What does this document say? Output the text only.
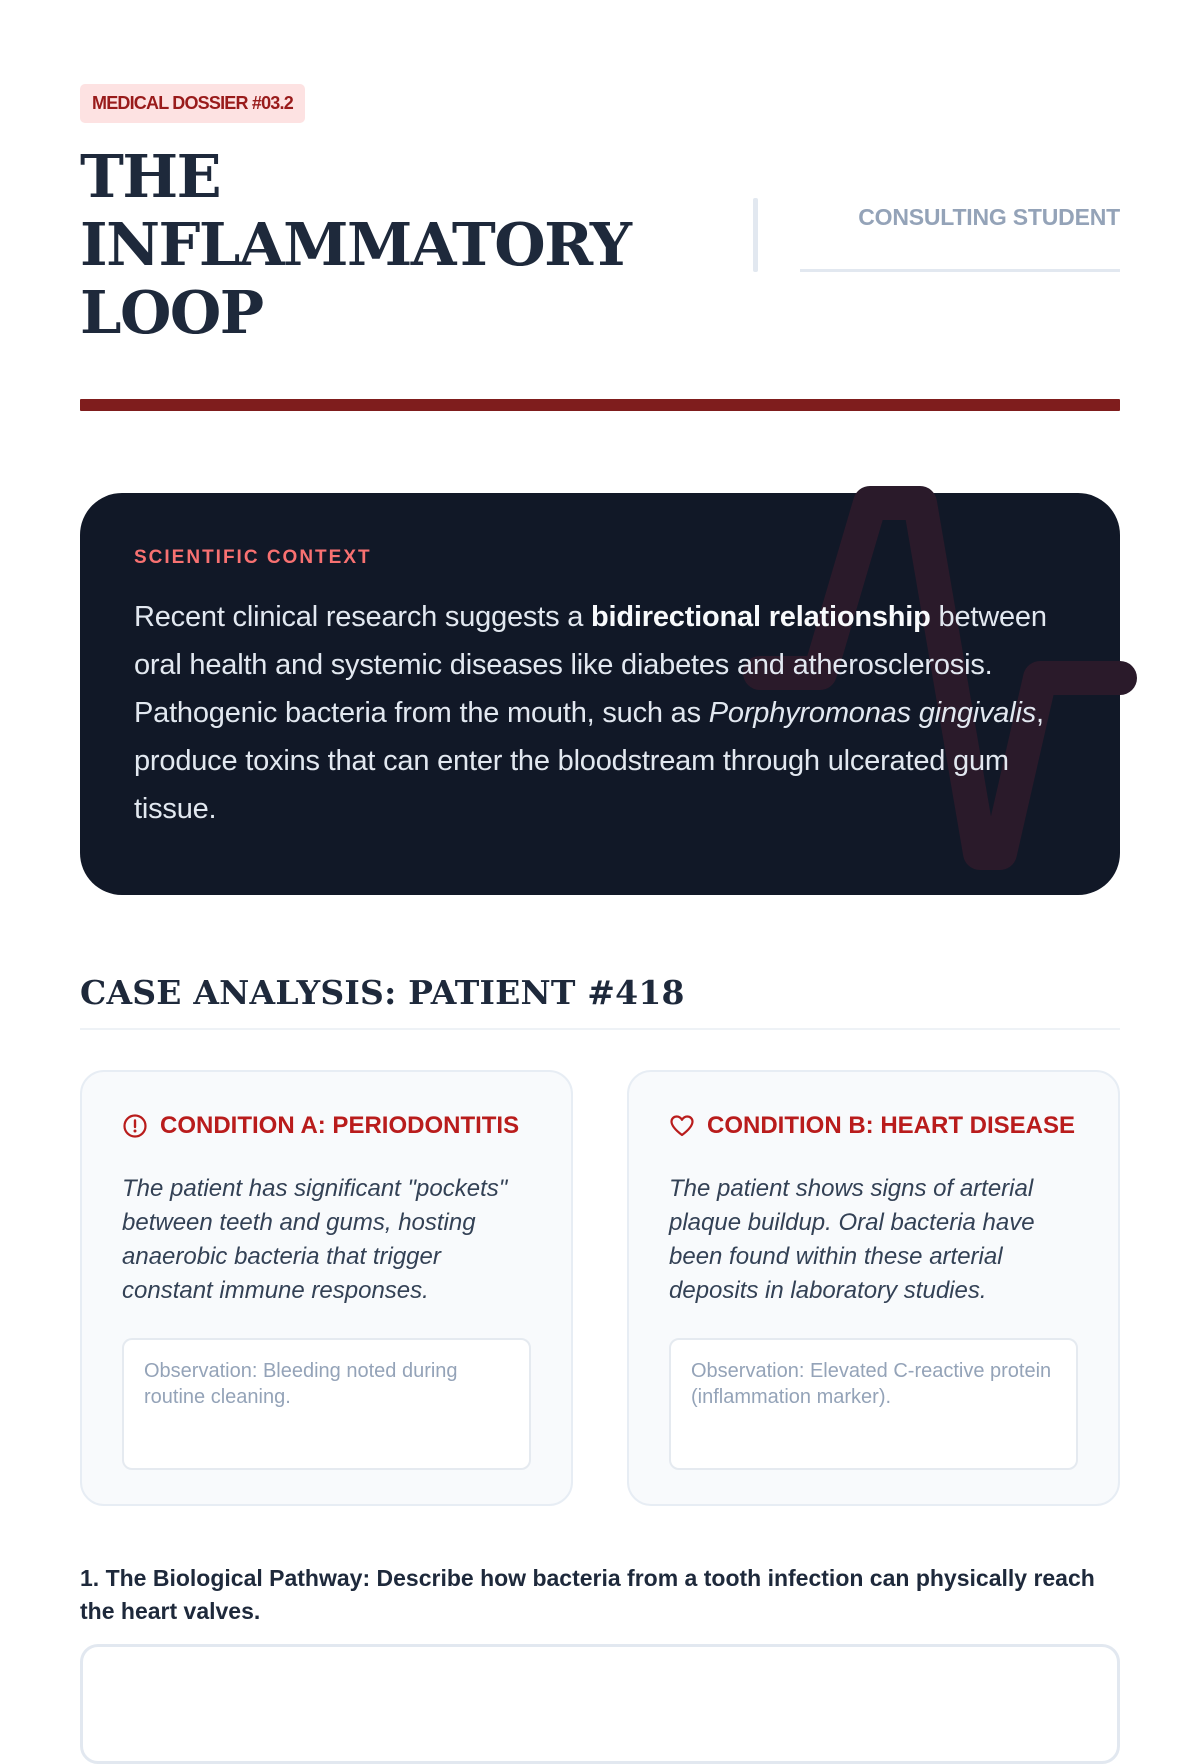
MEDICAL DOSSIER #03.2
THE INFLAMMATORY
LOOP
CONSULTING STUDENT
SCIENTIFIC CONTEXT

Recent clinical research suggests a bidirectional relationship between oral health and systemic diseases like diabetes and atherosclerosis. Pathogenic bacteria from the mouth, such as Porphyromonas gingivalis, produce toxins that can enter the bloodstream through ulcerated gum tissue.

CASE ANALYSIS: PATIENT #418
CONDITION A: PERIODONTITIS

The patient has significant "pockets" between teeth and gums, hosting anaerobic bacteria that trigger constant immune responses.

Observation: Bleeding noted during routine cleaning.
CONDITION B: HEART DISEASE

The patient shows signs of arterial plaque buildup. Oral bacteria have been found within these arterial deposits in laboratory studies.

Observation: Elevated C-reactive protein (inflammation marker).

1. The Biological Pathway: Describe how bacteria from a tooth infection can physically reach the heart valves.
